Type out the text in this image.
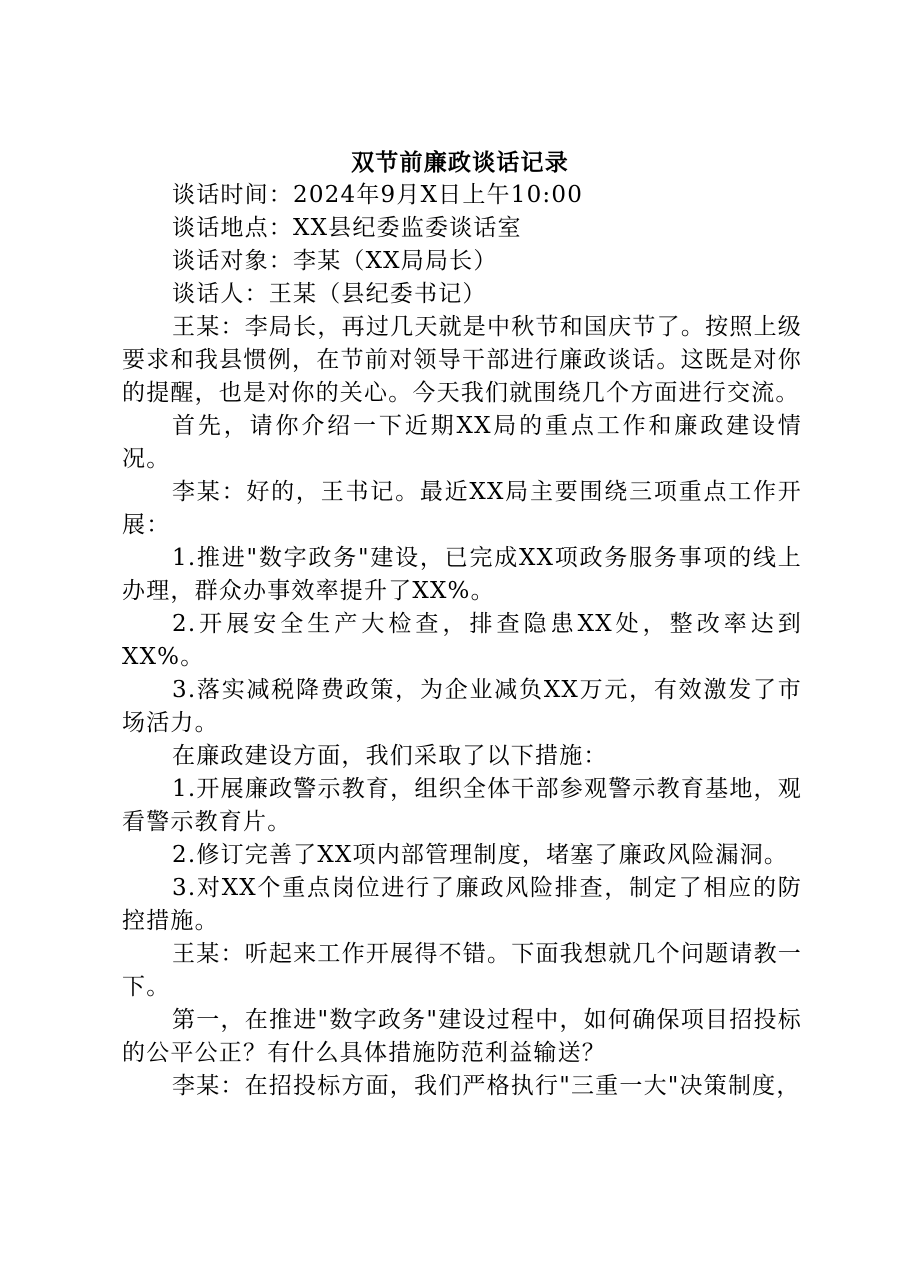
双节前廉政谈话记录

谈话时间：2024年9月X日上午10:00

谈话地点：XX县纪委监委谈话室

谈话对象：李某（XX局局长）

谈话人：王某（县纪委书记）

王某：李局长，再过几天就是中秋节和国庆节了。按照上级要求和我县惯例，在节前对领导干部进行廉政谈话。这既是对你的提醒，也是对你的关心。今天我们就围绕几个方面进行交流。

首先，请你介绍一下近期XX局的重点工作和廉政建设情况。

李某：好的，王书记。最近XX局主要围绕三项重点工作开展：

1.推进"数字政务"建设，已完成XX项政务服务事项的线上办理，群众办事效率提升了XX%。

2.开展安全生产大检查，排查隐患XX处，整改率达到XX%。

3.落实减税降费政策，为企业减负XX万元，有效激发了市场活力。

在廉政建设方面，我们采取了以下措施：

1.开展廉政警示教育，组织全体干部参观警示教育基地，观看警示教育片。

2.修订完善了XX项内部管理制度，堵塞了廉政风险漏洞。

3.对XX个重点岗位进行了廉政风险排查，制定了相应的防控措施。

王某：听起来工作开展得不错。下面我想就几个问题请教一下。

第一，在推进"数字政务"建设过程中，如何确保项目招投标的公平公正？有什么具体措施防范利益输送？

李某：在招投标方面，我们严格执行"三重一大"决策制度，
